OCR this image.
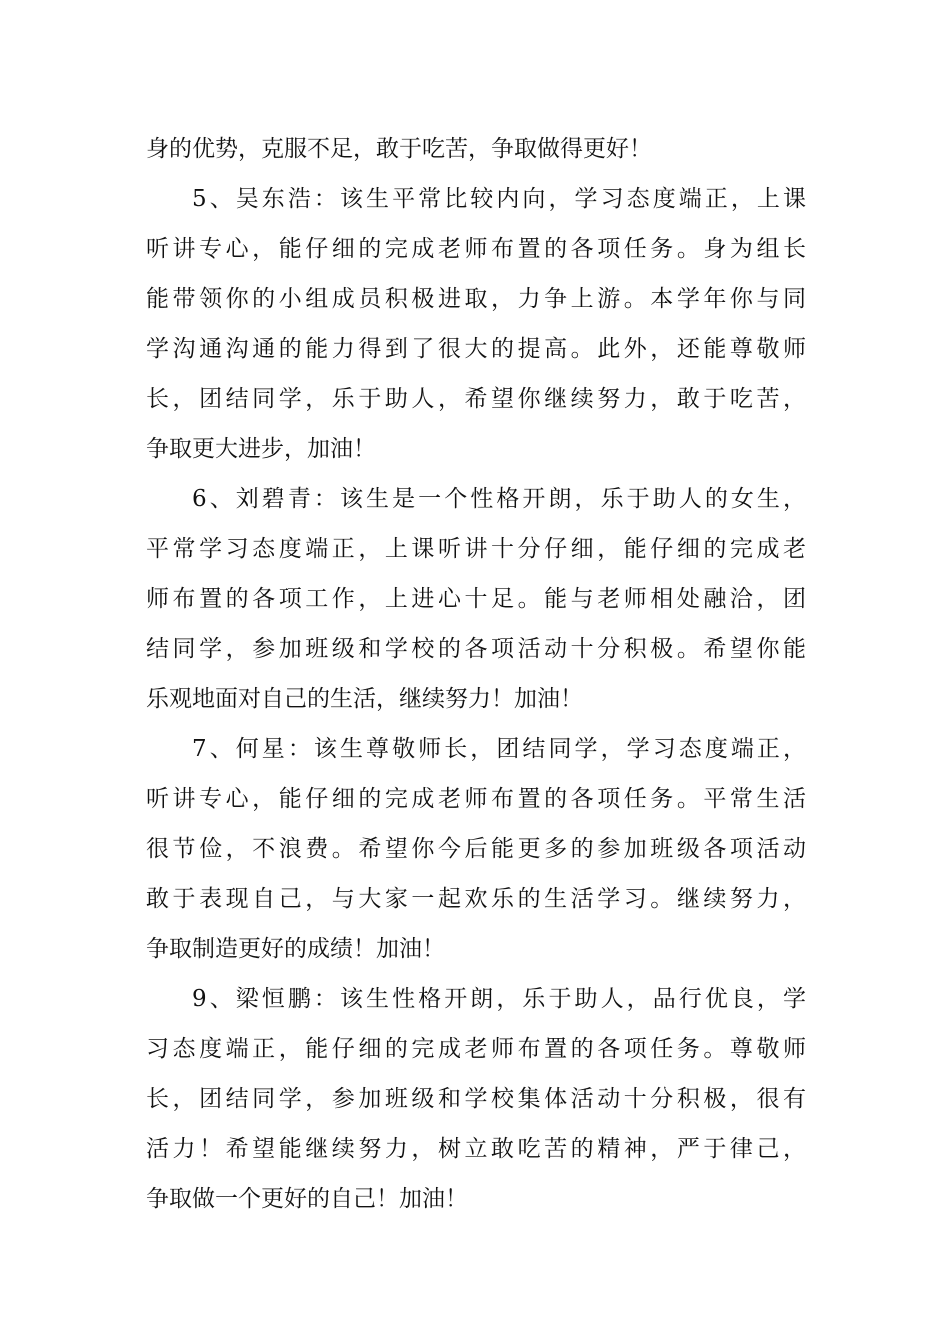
身的优势，克服不足，敢于吃苦，争取做得更好！
5、吴东浩：该生平常比较内向，学习态度端正，上课
听讲专心，能仔细的完成老师布置的各项任务。身为组长
能带领你的小组成员积极进取，力争上游。本学年你与同
学沟通沟通的能力得到了很大的提高。此外，还能尊敬师
长，团结同学，乐于助人，希望你继续努力，敢于吃苦，
争取更大进步，加油！
6、刘碧青：该生是一个性格开朗，乐于助人的女生，
平常学习态度端正，上课听讲十分仔细，能仔细的完成老
师布置的各项工作，上进心十足。能与老师相处融洽，团
结同学，参加班级和学校的各项活动十分积极。希望你能
乐观地面对自己的生活，继续努力！加油！
7、何星：该生尊敬师长，团结同学，学习态度端正，
听讲专心，能仔细的完成老师布置的各项任务。平常生活
很节俭，不浪费。希望你今后能更多的参加班级各项活动
敢于表现自己，与大家一起欢乐的生活学习。继续努力，
争取制造更好的成绩！加油！
9、梁恒鹏：该生性格开朗，乐于助人，品行优良，学
习态度端正，能仔细的完成老师布置的各项任务。尊敬师
长，团结同学，参加班级和学校集体活动十分积极，很有
活力！希望能继续努力，树立敢吃苦的精神，严于律己，
争取做一个更好的自己！加油！
